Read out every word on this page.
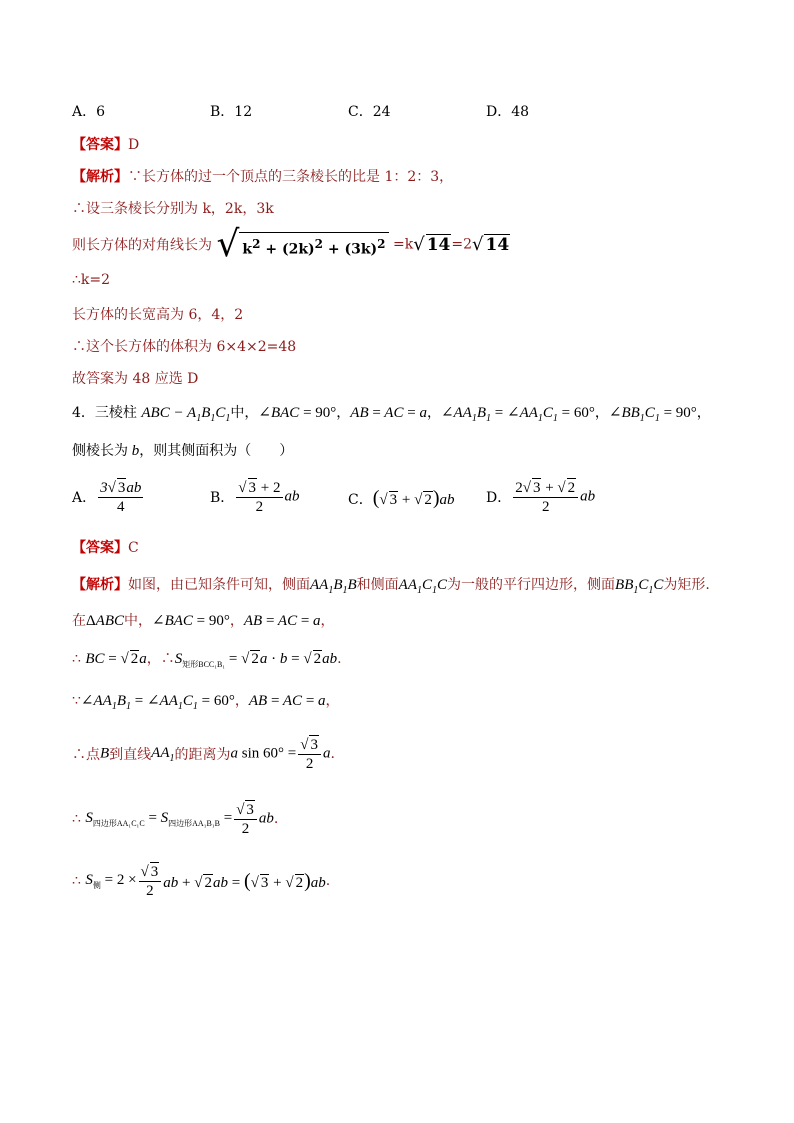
A．6	B．12	C．24	D．48
【答案】D
【解析】∵长方体的过一个顶点的三条棱长的比是 1：2：3，
∴设三条棱长分别为 k，2k，3k
则长方体的对角线长为 √ $k^2 + (2k)^2 + (3k)^2 =k√$ 14=2√ 14
∴k=2
长方体的长宽高为 6，4，2
∴这个长方体的体积为 6×4×2=48
故答案为 48 应选 D
4．三棱柱 ABC − $A_1B_1C_1$中，∠BAC = 90°，AB = AC = a，$\angle AA_1B_1$ = $\angle AA_1C_1 = 60^\circ$，$\angle BB_1C_1 = 90^\circ$，
侧棱长为 b，则其侧面积为（　　）
A． $\frac{3√ 3ab}{4}$	B． $\frac{√ 3 + 2}{2}$ ab	C．(√ 3 + √ 2)ab D． $\frac{2√ 3 + √ 2}{2}$ ab
【答案】C
【解析】如图，由已知条件可知，侧面$AA_1B_1B$和侧面$AA_1C_1C$为一般的平行四边形，侧面$BB_1C_1C$为矩形.
在ΔABC中，∠BAC = 90°，AB = AC = a，
∴ BC = √ 2a，$\therefore S_{矩形BCC_1B_1}$ = √ 2a · b = √ 2ab.
$\because\angle AA_1B_1$ = $\angle AA_1C_1 = 60^\circ$，AB = AC = a，
∴点B到直线$AA_1$的距离为a $\sin 60^\circ = \frac{√ 3}{2} a$.
∴ $S_{四边形AA_1C_1C} = S_{四边形AA_1B_1B} = \frac{√ 3}{2}$ ab.
∴ $S_侧 = 2 \times \frac{√ 3}{2}$ ab + √ 2ab = (√ 3 + √ 2)ab.
